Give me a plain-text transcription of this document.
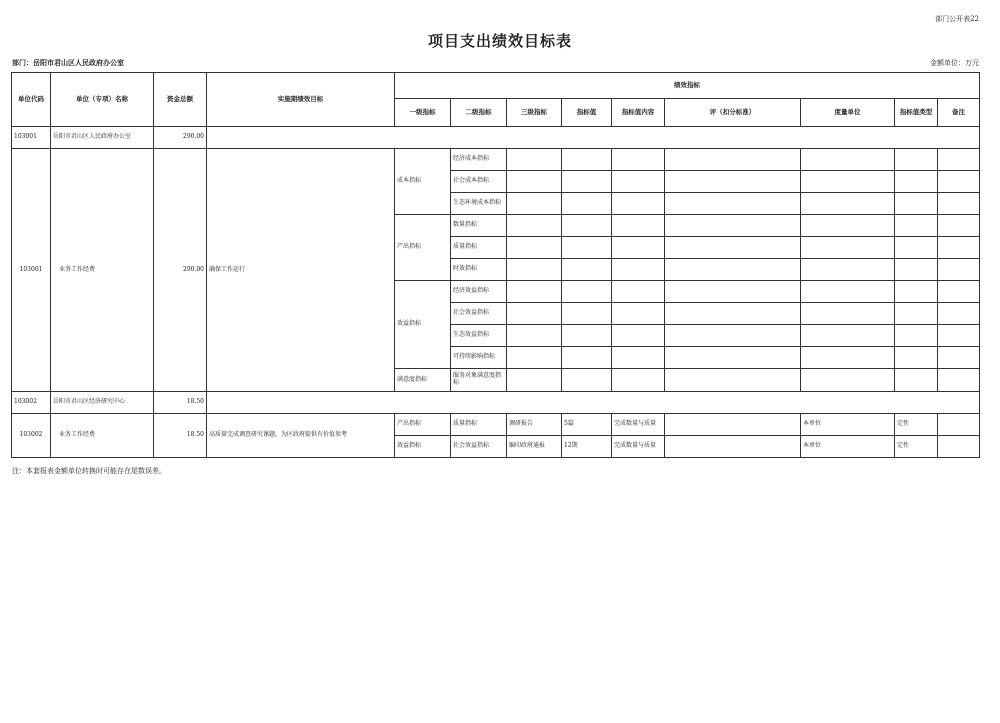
部门公开表22
项目支出绩效目标表
部门：岳阳市君山区人民政府办公室	金额单位：万元
单位代码	单位（专项）名称	资金总额	实施期绩效目标	绩效指标								
				一级指标	二级指标	三级指标	指标值	指标值内容	评（扣分标准）	度量单位	指标值类型	备注
103001	岳阳市君山区人民政府办公室	290.00										
103001	业务工作经费	290.00	确保工作运行	成本指标	经济成本指标							
					社会成本指标							
					生态环境成本指标							
				产出指标	数量指标							
					质量指标							
					时效指标							
				效益指标	经济效益指标							
					社会效益指标							
					生态效益指标							
					可持续影响指标							
				满意度指标	服务对象满意度指标							
103002	岳阳市君山区经济研究中心	18.50										
103002	业务工作经费	18.50	高质量完成调查研究课题，为区政府提供有价值参考	产出指标	质量指标	调研报告	5篇	完成数量与质量		本单位	定性	
				效益指标	社会效益指标	编印政府通报	12期	完成数量与质量		本单位	定性	
注：本套报表金额单位转换时可能存在尾数误差。
